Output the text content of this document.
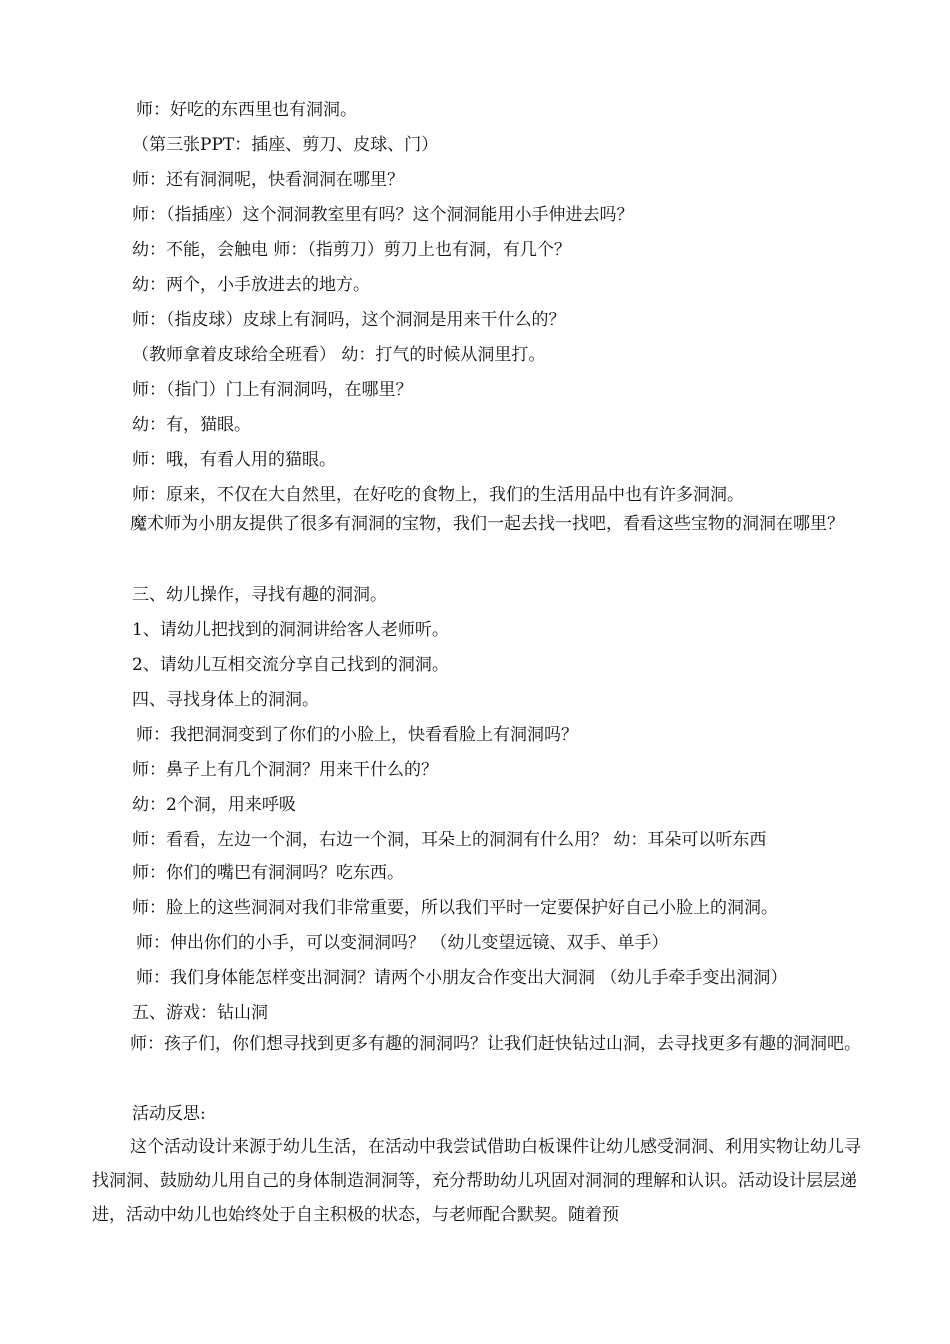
师：好吃的东西里也有洞洞。
（第三张PPT：插座、剪刀、皮球、门）
师：还有洞洞呢，快看洞洞在哪里？
师：（指插座）这个洞洞教室里有吗？这个洞洞能用小手伸进去吗？
幼：不能，会触电 师：（指剪刀）剪刀上也有洞，有几个？
幼：两个，小手放进去的地方。
师：（指皮球）皮球上有洞吗，这个洞洞是用来干什么的？
（教师拿着皮球给全班看） 幼：打气的时候从洞里打。
师：（指门）门上有洞洞吗，在哪里？
幼：有，猫眼。
师：哦，有看人用的猫眼。
师：原来，不仅在大自然里，在好吃的食物上，我们的生活用品中也有许多洞洞。
魔术师为小朋友提供了很多有洞洞的宝物，我们一起去找一找吧，看看这些宝物的洞洞在哪里？
三、幼儿操作，寻找有趣的洞洞。
1、请幼儿把找到的洞洞讲给客人老师听。
2、请幼儿互相交流分享自己找到的洞洞。
四、寻找身体上的洞洞。
师：我把洞洞变到了你们的小脸上，快看看脸上有洞洞吗？
师：鼻子上有几个洞洞？用来干什么的？
幼：2个洞，用来呼吸
师：看看，左边一个洞，右边一个洞，耳朵上的洞洞有什么用？ 幼：耳朵可以听东西
师：你们的嘴巴有洞洞吗？吃东西。
师：脸上的这些洞洞对我们非常重要，所以我们平时一定要保护好自己小脸上的洞洞。
师：伸出你们的小手，可以变洞洞吗？ （幼儿变望远镜、双手、单手）
师：我们身体能怎样变出洞洞？请两个小朋友合作变出大洞洞 （幼儿手牵手变出洞洞）
五、游戏：钻山洞
师：孩子们，你们想寻找到更多有趣的洞洞吗？让我们赶快钻过山洞，去寻找更多有趣的洞洞吧。
活动反思:
这个活动设计来源于幼儿生活，在活动中我尝试借助白板课件让幼儿感受洞洞、利用实物让幼儿寻找洞洞、鼓励幼儿用自己的身体制造洞洞等，充分帮助幼儿巩固对洞洞的理解和认识。活动设计层层递进，活动中幼儿也始终处于自主积极的状态，与老师配合默契。随着预
